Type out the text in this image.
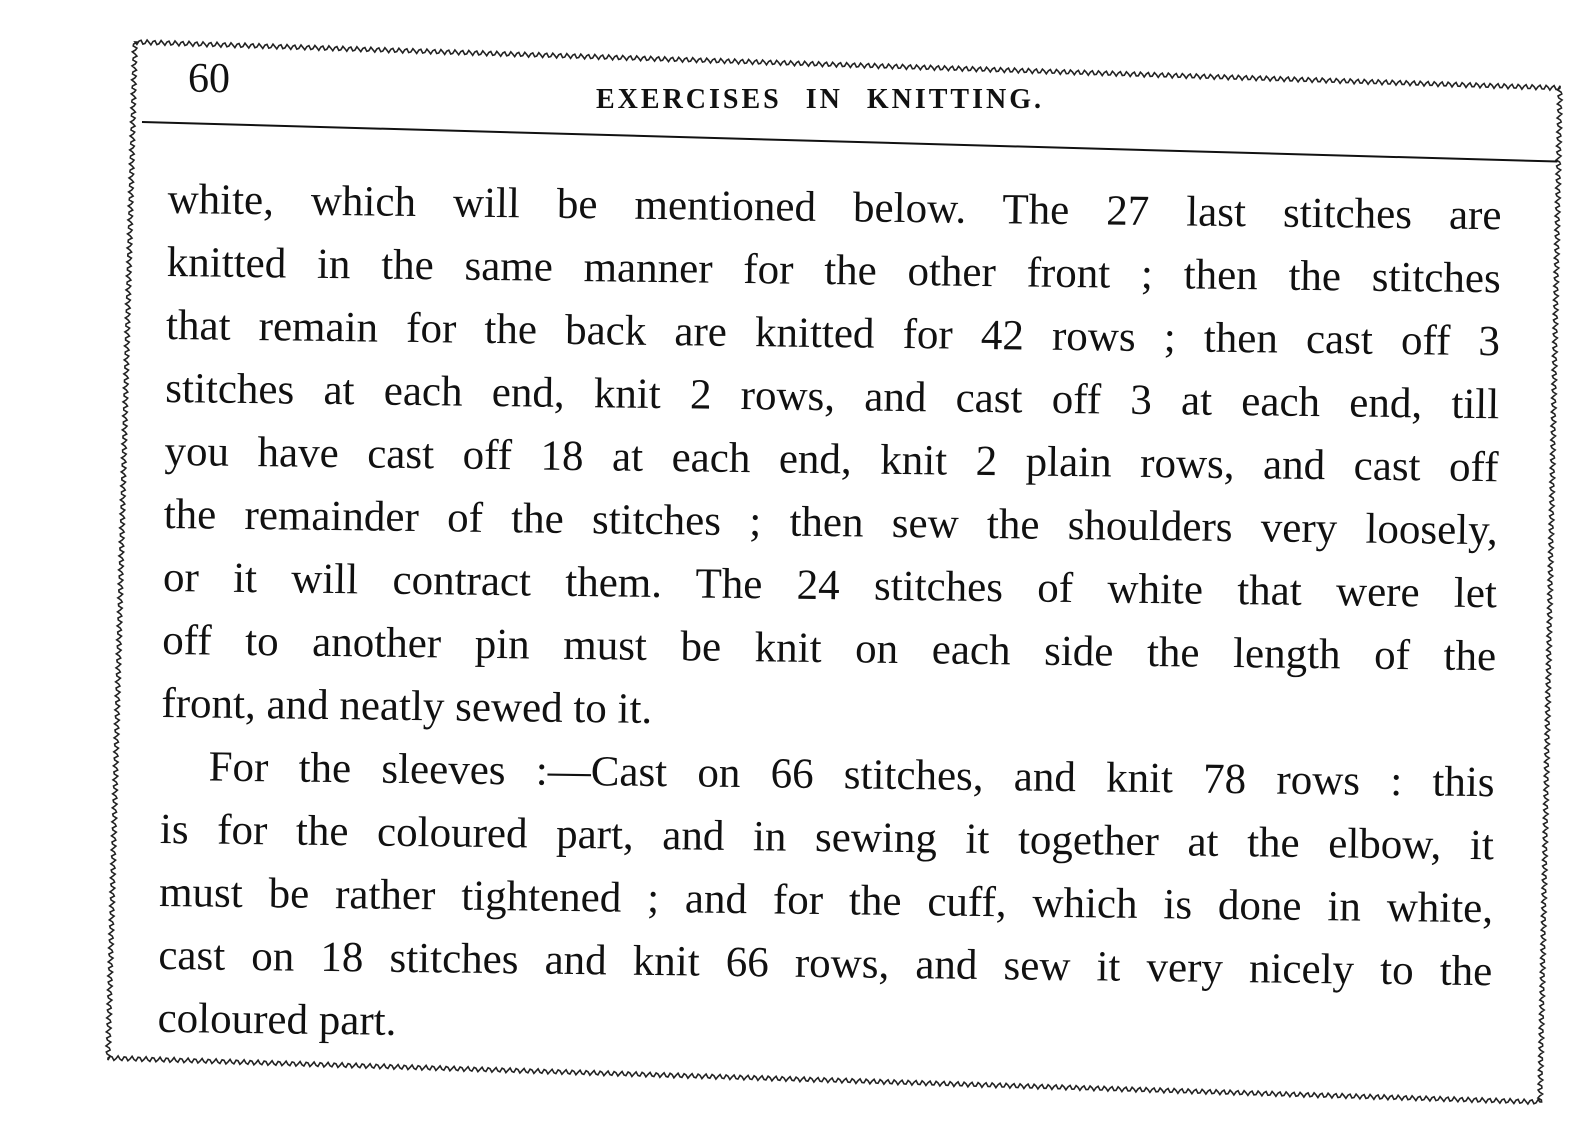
60	EXERCISES IN KNITTING.
white, which will be mentioned below. The 27 last stitches are
knitted in the same manner for the other front ; then the stitches
that remain for the back are knitted for 42 rows ; then cast off 3
stitches at each end, knit 2 rows, and cast off 3 at each end, till
you have cast off 18 at each end, knit 2 plain rows, and cast off
the remainder of the stitches ; then sew the shoulders very loosely,
or it will contract them. The 24 stitches of white that were let
off to another pin must be knit on each side the length of the
front, and neatly sewed to it.
For the sleeves :—Cast on 66 stitches, and knit 78 rows : this
is for the coloured part, and in sewing it together at the elbow, it
must be rather tightened ; and for the cuff, which is done in white,
cast on 18 stitches and knit 66 rows, and sew it very nicely to the
coloured part.
